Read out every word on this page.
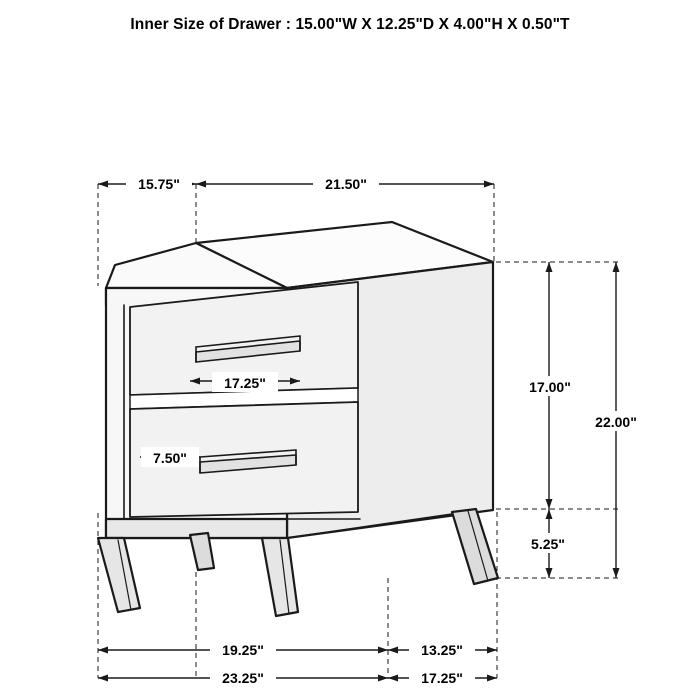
Inner Size of Drawer : 15.00"W X 12.25"D X 4.00"H X 0.50"T
15.75"	21.50"
17.00"
5.25"
22.00"
17.25"
7.50"
19.25"	13.25"
23.25"	17.25"
